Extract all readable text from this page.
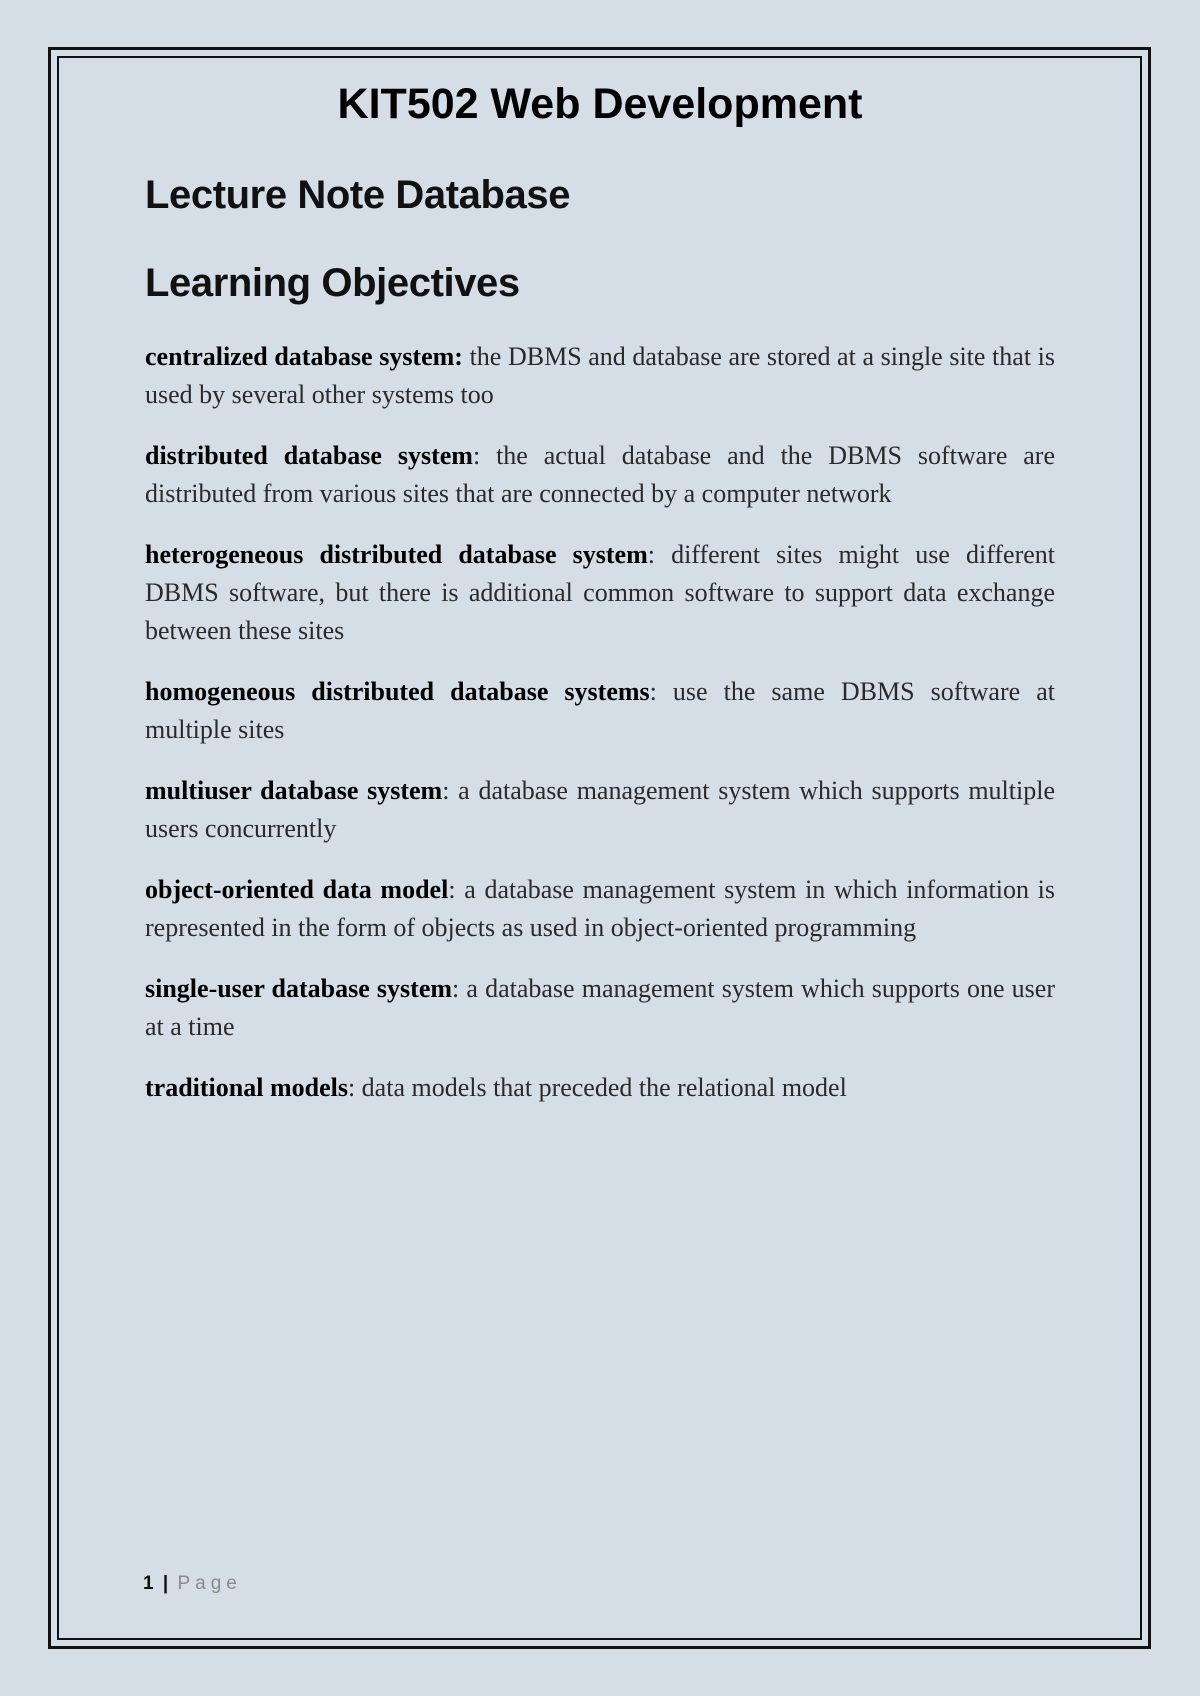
KIT502 Web Development
Lecture Note Database
Learning Objectives

centralized database system: the DBMS and database are stored at a single site that is used by several other systems too

distributed database system: the actual database and the DBMS software are distributed from various sites that are connected by a computer network

heterogeneous distributed database system: different sites might use different DBMS software, but there is additional common software to support data exchange between these sites

homogeneous distributed database systems: use the same DBMS software at multiple sites

multiuser database system: a database management system which supports multiple users concurrently

object-oriented data model: a database management system in which information is represented in the form of objects as used in object-oriented programming

single-user database system: a database management system which supports one user at a time

traditional models: data models that preceded the relational model

1 | Page
